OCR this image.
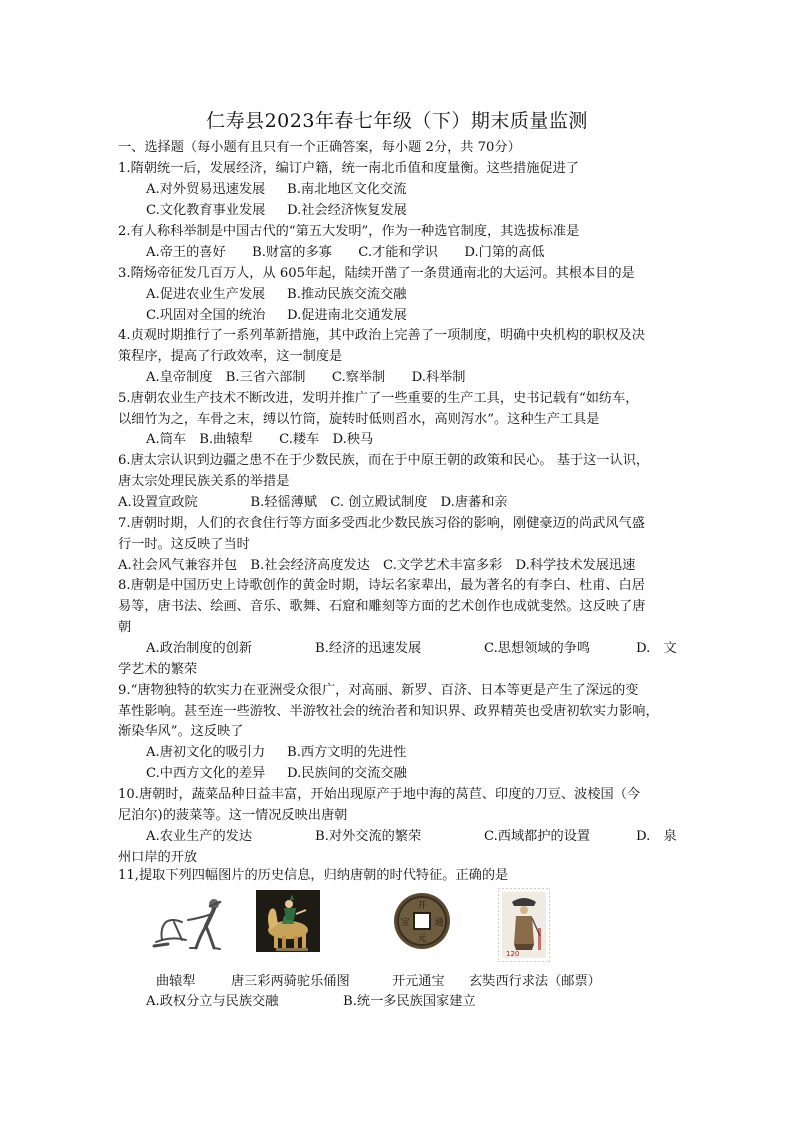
仁寿县2023年春七年级（下）期末质量监测
一、选择题（每小题有且只有一个正确答案，每小题 2分，共 70分）
1.隋朝统一后，发展经济，编订户籍，统一南北币值和度量衡。这些措施促进了
A.对外贸易迅速发展 B.南北地区文化交流
C.文化教育事业发展 D.社会经济恢复发展
2.有人称科举制是中国古代的“第五大发明”，作为一种选官制度，其选拔标准是
A.帝王的喜好　　B.财富的多寡　　C.才能和学识　　D.门第的高低
3.隋炀帝征发几百万人，从 605年起，陆续开凿了一条贯通南北的大运河。其根本目的是
A.促进农业生产发展 B.推动民族交流交融
C.巩固对全国的统治 D.促进南北交通发展
4.贞观时期推行了一系列革新措施，其中政治上完善了一项制度，明确中央机构的职权及决
策程序，提高了行政效率，这一制度是
A.皇帝制度　B.三省六部制　　C.察举制　　D.科举制
5.唐朝农业生产技术不断改进，发明并推广了一些重要的生产工具，史书记载有“如纺车，
以细竹为之，车骨之末，缚以竹筒，旋转时低则舀水，高则泻水”。这种生产工具是
A.筒车　B.曲辕犁　　C.耧车　D.秧马
6.唐太宗认识到边疆之患不在于少数民族，而在于中原王朝的政策和民心。 基于这一认识，
唐太宗处理民族关系的举措是
A.设置宣政院　　　　B.轻徭薄赋　C. 创立殿试制度　D.唐蕃和亲
7.唐朝时期，人们的衣食住行等方面多受西北少数民族习俗的影响，刚健豪迈的尚武风气盛
行一时。这反映了当时
A.社会风气兼容并包　B.社会经济高度发达　C.文学艺术丰富多彩　D.科学技术发展迅速
8.唐朝是中国历史上诗歌创作的黄金时期，诗坛名家辈出，最为著名的有李白、杜甫、白居
易等，唐书法、绘画、音乐、歌舞、石窟和雕刻等方面的艺术创作也成就斐然。这反映了唐
朝
A.政治制度的创新	B.经济的迅速发展	C.思想领域的争鸣	D.　文
学艺术的繁荣
9.“唐物独特的软实力在亚洲受众很广，对高丽、新罗、百济、日本等更是产生了深远的变
革性影响。甚至连一些游牧、半游牧社会的统治者和知识界、政界精英也受唐初软实力影响，
渐染华风”。这反映了
A.唐初文化的吸引力 B.西方文明的先进性
C.中西方文化的差异 D.民族间的交流交融
10.唐朝时，蔬菜品种日益丰富，开始出现原产于地中海的莴苣、印度的刀豆、波棱国（今
尼泊尔)的菠菜等。这一情况反映出唐朝
A.农业生产的发达	B.对外交流的繁荣	C.西域都护的设置	D.　泉
州口岸的开放
11,提取下列四幅图片的历史信息，归纳唐朝的时代特征。正确的是
开
元
通
宝
120
曲辕犁	唐三彩两骑驼乐俑图	开元通宝 玄奘西行求法（邮票）
A.政权分立与民族交融	B.统一多民族国家建立
